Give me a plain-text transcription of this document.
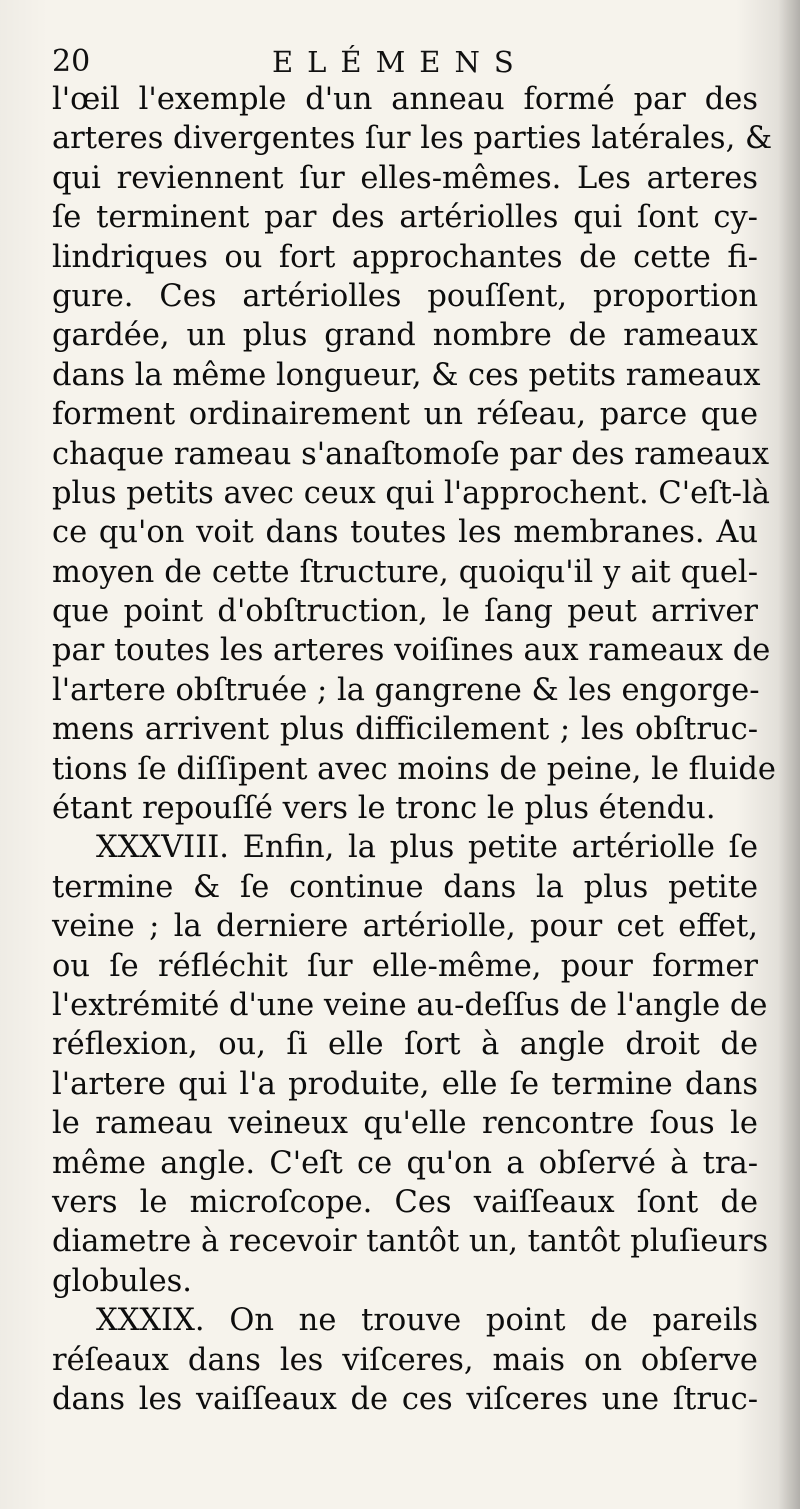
20	ELÉMENS
l'œil l'exemple d'un anneau formé par des
arteres divergentes ſur les parties latérales, &
qui reviennent ſur elles-mêmes. Les arteres
ſe terminent par des artériolles qui ſont cy-
lindriques ou fort approchantes de cette fi-
gure. Ces artériolles pouſſent, proportion
gardée, un plus grand nombre de rameaux
dans la même longueur, & ces petits rameaux
forment ordinairement un réſeau, parce que
chaque rameau s'anaſtomoſe par des rameaux
plus petits avec ceux qui l'approchent. C'eſt-là
ce qu'on voit dans toutes les membranes. Au
moyen de cette ſtructure, quoiqu'il y ait quel-
que point d'obſtruction, le ſang peut arriver
par toutes les arteres voiſines aux rameaux de
l'artere obſtruée ; la gangrene & les engorge-
mens arrivent plus difficilement ; les obſtruc-
tions ſe diſſipent avec moins de peine, le fluide
étant repouſſé vers le tronc le plus étendu.
XXXVIII. Enfin, la plus petite artériolle ſe
termine & ſe continue dans la plus petite
veine ; la derniere artériolle, pour cet effet,
ou ſe réfléchit ſur elle-même, pour former
l'extrémité d'une veine au-deſſus de l'angle de
réflexion, ou, ſi elle ſort à angle droit de
l'artere qui l'a produite, elle ſe termine dans
le rameau veineux qu'elle rencontre ſous le
même angle. C'eſt ce qu'on a obſervé à tra-
vers le microſcope. Ces vaiſſeaux ſont de
diametre à recevoir tantôt un, tantôt pluſieurs
globules.
XXXIX. On ne trouve point de pareils
réſeaux dans les viſceres, mais on obſerve
dans les vaiſſeaux de ces viſceres une ſtruc-
